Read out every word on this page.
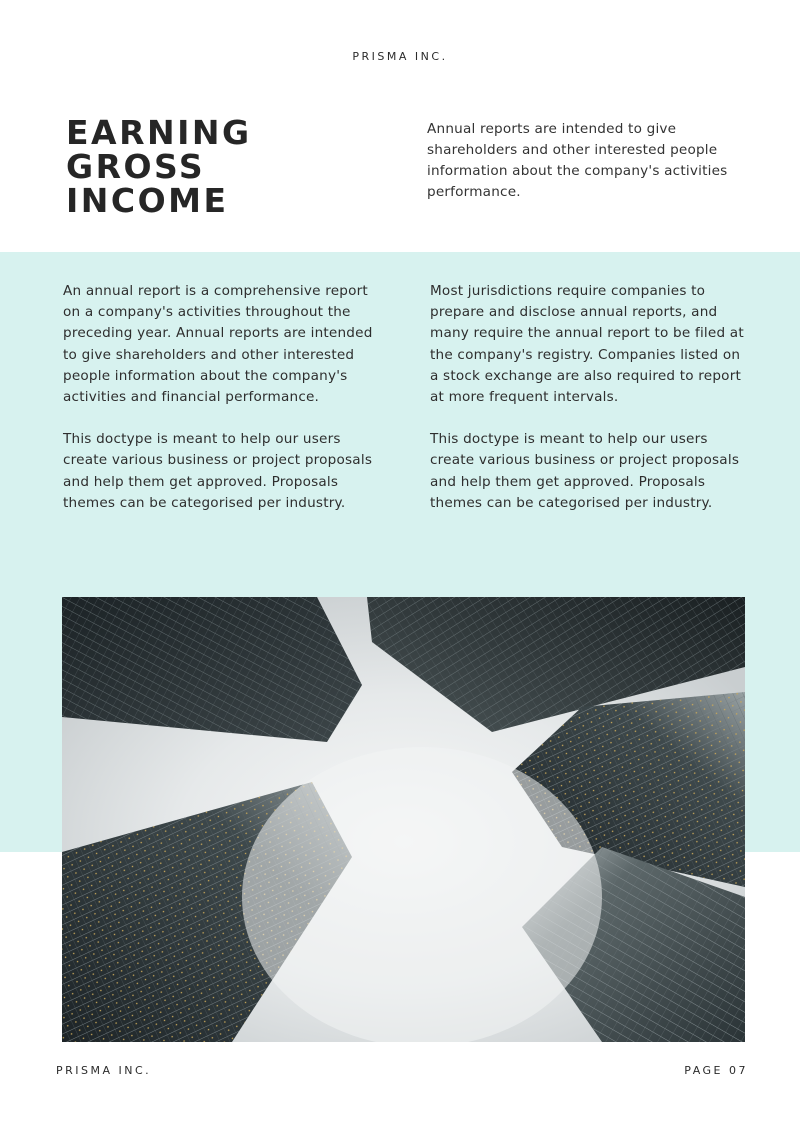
PRISMA INC.
EARNING
GROSS
INCOME

Annual reports are intended to give shareholders and other interested people information about the company's activities performance.

An annual report is a comprehensive report on a company's activities throughout the preceding year. Annual reports are intended to give shareholders and other interested people information about the company's activities and financial performance.

This doctype is meant to help our users create various business or project proposals and help them get approved. Proposals themes can be categorised per industry.

Most jurisdictions require companies to prepare and disclose annual reports, and many require the annual report to be filed at the company's registry. Companies listed on a stock exchange are also required to report at more frequent intervals.

This doctype is meant to help our users create various business or project proposals and help them get approved. Proposals themes can be categorised per industry.

PRISMA INC.	PAGE 07
